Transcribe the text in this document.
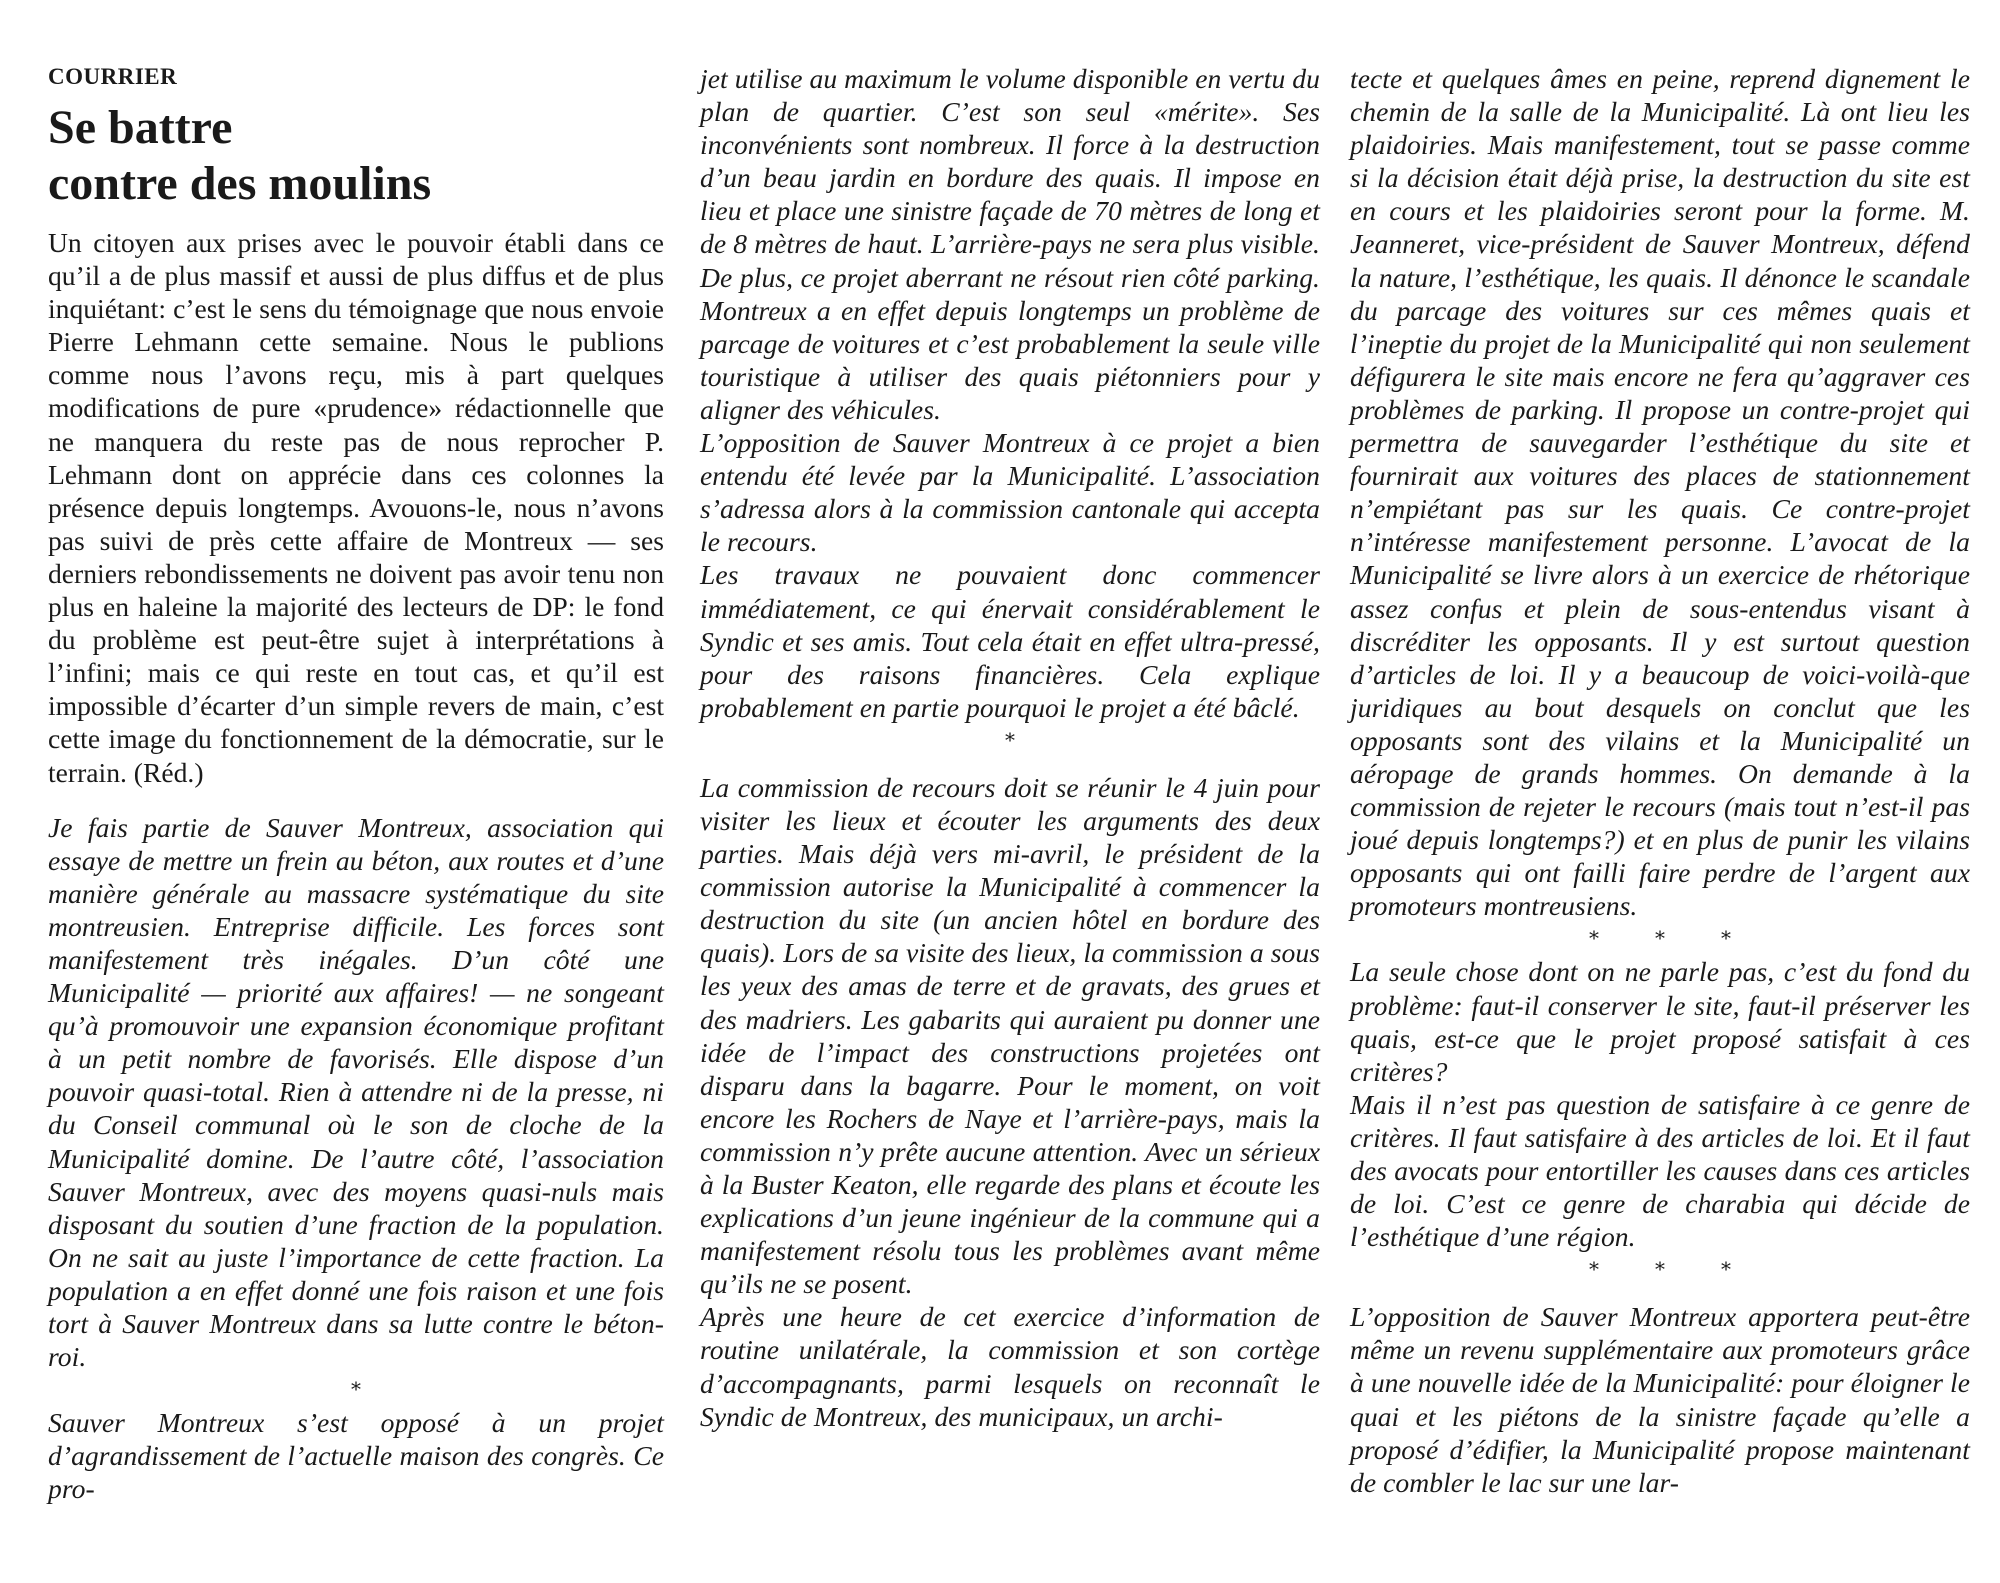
COURRIER
Se battre
contre des moulins

Un citoyen aux prises avec le pouvoir établi dans ce qu’il a de plus massif et aussi de plus diffus et de plus inquiétant: c’est le sens du témoignage que nous envoie Pierre Lehmann cette semaine. Nous le publions comme nous l’avons reçu, mis à part quelques modifications de pure «prudence» rédactionnelle que ne manquera du reste pas de nous reprocher P. Lehmann dont on apprécie dans ces colonnes la présence depuis longtemps. Avouons-le, nous n’avons pas suivi de près cette affaire de Montreux — ses derniers rebondissements ne doivent pas avoir tenu non plus en haleine la majorité des lecteurs de DP: le fond du problème est peut-être sujet à interprétations à l’infini; mais ce qui reste en tout cas, et qu’il est impossible d’écarter d’un simple revers de main, c’est cette image du fonctionnement de la démocratie, sur le terrain. (Réd.)

Je fais partie de Sauver Montreux, association qui essaye de mettre un frein au béton, aux routes et d’une manière générale au massacre systématique du site montreusien. Entreprise difficile. Les forces sont manifestement très inégales. D’un côté une Municipalité — priorité aux affaires! — ne songeant qu’à promouvoir une expansion économique profitant à un petit nombre de favorisés. Elle dispose d’un pouvoir quasi-total. Rien à attendre ni de la presse, ni du Conseil communal où le son de cloche de la Municipalité domine. De l’autre côté, l’association Sauver Montreux, avec des moyens quasi-nuls mais disposant du soutien d’une fraction de la population. On ne sait au juste l’importance de cette fraction. La population a en effet donné une fois raison et une fois tort à Sauver Montreux dans sa lutte contre le béton-roi.

*

Sauver Montreux s’est opposé à un projet d’agrandissement de l’actuelle maison des congrès. Ce pro-

jet utilise au maximum le volume disponible en vertu du plan de quartier. C’est son seul «mérite». Ses inconvénients sont nombreux. Il force à la destruction d’un beau jardin en bordure des quais. Il impose en lieu et place une sinistre façade de 70 mètres de long et de 8 mètres de haut. L’arrière-pays ne sera plus visible. De plus, ce projet aberrant ne résout rien côté parking. Montreux a en effet depuis longtemps un problème de parcage de voitures et c’est probablement la seule ville touristique à utiliser des quais piétonniers pour y aligner des véhicules.

L’opposition de Sauver Montreux à ce projet a bien entendu été levée par la Municipalité. L’association s’adressa alors à la commission cantonale qui accepta le recours.

Les travaux ne pouvaient donc commencer immédiatement, ce qui énervait considérablement le Syndic et ses amis. Tout cela était en effet ultra-pressé, pour des raisons financières. Cela explique probablement en partie pourquoi le projet a été bâclé.

*

La commission de recours doit se réunir le 4 juin pour visiter les lieux et écouter les arguments des deux parties. Mais déjà vers mi-avril, le président de la commission autorise la Municipalité à commencer la destruction du site (un ancien hôtel en bordure des quais). Lors de sa visite des lieux, la commission a sous les yeux des amas de terre et de gravats, des grues et des madriers. Les gabarits qui auraient pu donner une idée de l’impact des constructions projetées ont disparu dans la bagarre. Pour le moment, on voit encore les Rochers de Naye et l’arrière-pays, mais la commission n’y prête aucune attention. Avec un sérieux à la Buster Keaton, elle regarde des plans et écoute les explications d’un jeune ingénieur de la commune qui a manifestement résolu tous les problèmes avant même qu’ils ne se posent.

Après une heure de cet exercice d’information de routine unilatérale, la commission et son cortège d’accompagnants, parmi lesquels on reconnaît le Syndic de Montreux, des municipaux, un archi-

tecte et quelques âmes en peine, reprend dignement le chemin de la salle de la Municipalité. Là ont lieu les plaidoiries. Mais manifestement, tout se passe comme si la décision était déjà prise, la destruction du site est en cours et les plaidoiries seront pour la forme. M. Jeanneret, vice-président de Sauver Montreux, défend la nature, l’esthétique, les quais. Il dénonce le scandale du parcage des voitures sur ces mêmes quais et l’ineptie du projet de la Municipalité qui non seulement défigurera le site mais encore ne fera qu’aggraver ces problèmes de parking. Il propose un contre-projet qui permettra de sauvegarder l’esthétique du site et fournirait aux voitures des places de stationnement n’empiétant pas sur les quais. Ce contre-projet n’intéresse manifestement personne. L’avocat de la Municipalité se livre alors à un exercice de rhétorique assez confus et plein de sous-entendus visant à discréditer les opposants. Il y est surtout question d’articles de loi. Il y a beaucoup de voici-voilà-que juridiques au bout desquels on conclut que les opposants sont des vilains et la Municipalité un aéropage de grands hommes. On demande à la commission de rejeter le recours (mais tout n’est-il pas joué depuis longtemps?) et en plus de punir les vilains opposants qui ont failli faire perdre de l’argent aux promoteurs montreusiens.

*	*	*

La seule chose dont on ne parle pas, c’est du fond du problème: faut-il conserver le site, faut-il préserver les quais, est-ce que le projet proposé satisfait à ces critères?

Mais il n’est pas question de satisfaire à ce genre de critères. Il faut satisfaire à des articles de loi. Et il faut des avocats pour entortiller les causes dans ces articles de loi. C’est ce genre de charabia qui décide de l’esthétique d’une région.

*	*	*

L’opposition de Sauver Montreux apportera peut-être même un revenu supplémentaire aux promoteurs grâce à une nouvelle idée de la Municipalité: pour éloigner le quai et les piétons de la sinistre façade qu’elle a proposé d’édifier, la Municipalité propose maintenant de combler le lac sur une lar-
